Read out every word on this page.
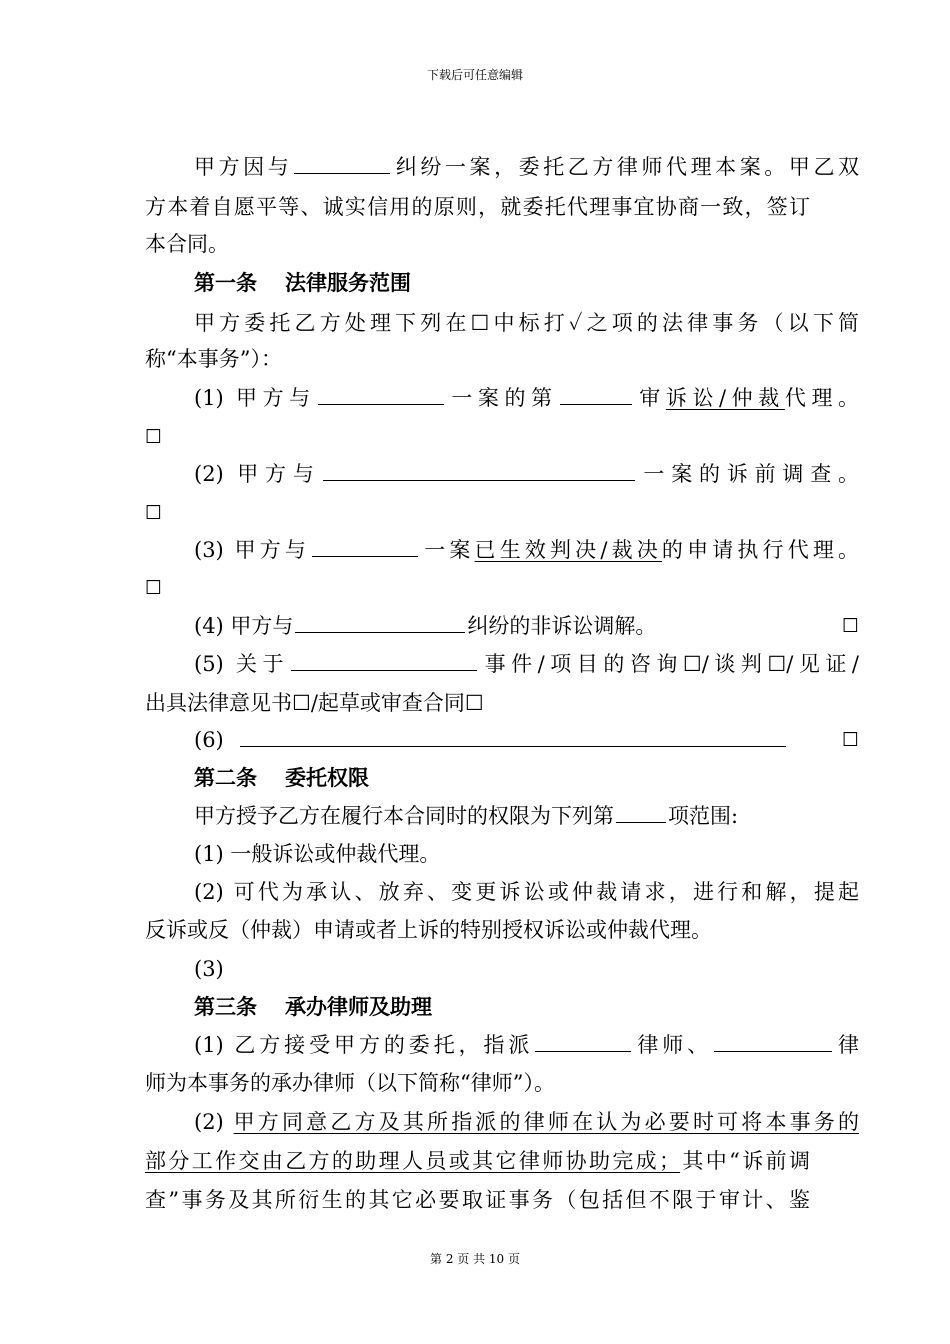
下载后可任意编辑
甲方因与	纠纷一案，委托乙方律师代理本案。甲乙双
方本着自愿平等、诚实信用的原则，就委托代理事宜协商一致，签订
本合同。
第一条 法律服务范围
甲方委托乙方处理下列在☐中标打✓之项的法律事务（以下简
称“本事务”）：
(1) 甲方与	一案的第	审诉讼/仲裁代理。
☐
(2) 甲方与	一案的诉前调查。
☐
(3) 甲方与	一案已生效判决/裁决的申请执行代理。
☐
(4) 甲方与	纠纷的非诉讼调解。	☐
(5) 关于	事件/项目的咨询☐/谈判☐/见证/
出具法律意见书☐/起草或审查合同☐
(6)	☐
第二条 委托权限
甲方授予乙方在履行本合同时的权限为下列第	项范围:
(1) 一般诉讼或仲裁代理。
(2) 可代为承认、放弃、变更诉讼或仲裁请求，进行和解，提起
反诉或反（仲裁）申请或者上诉的特别授权诉讼或仲裁代理。
(3)
第三条 承办律师及助理
(1) 乙方接受甲方的委托，指派	律师、	律
师为本事务的承办律师（以下简称“律师”）。
(2) 甲方同意乙方及其所指派的律师在认为必要时可将本事务的
部分工作交由乙方的助理人员或其它律师协助完成；其中“诉前调
查”事务及其所衍生的其它必要取证事务（包括但不限于审计、鉴
第 2 页 共 10 页
